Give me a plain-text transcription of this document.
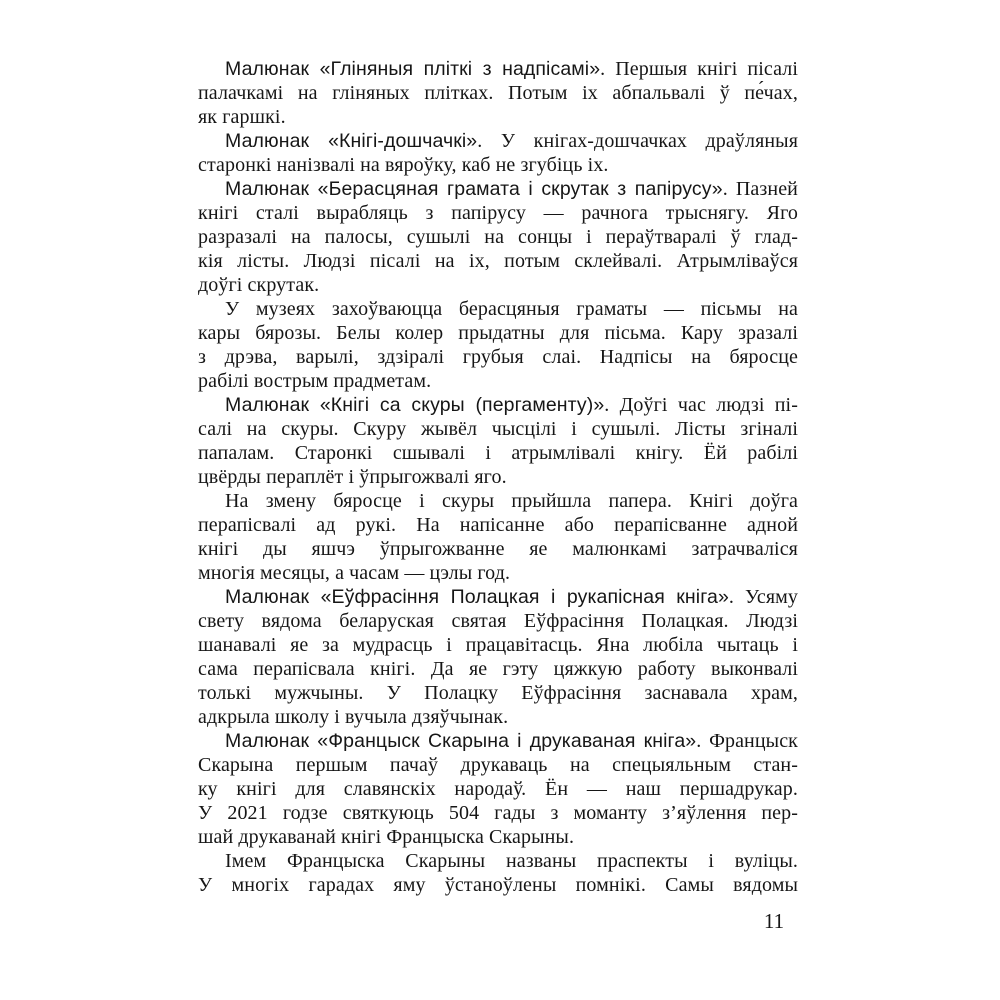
Малюнак «Гліняныя пліткі з надпісамі». Першыя кнігі пісалі
палачкамі на гліняных плітках. Потым іх абпальвалі ў пе́чах,
як гаршкі.
Малюнак «Кнігі-дошчачкі». У кнігах-дошчачках драўляныя
старонкі нанізвалі на вяроўку, каб не згубіць іх.
Малюнак «Берасцяная грамата і скрутак з папірусу». Пазней
кнігі сталі вырабляць з папірусу — рачнога трыснягу. Яго
разразалі на палосы, сушылі на сонцы і пераўтваралі ў глад-
кія лісты. Людзі пісалі на іх, потым склейвалі. Атрымліваўся
доўгі скрутак.
У музеях захоўваюцца берасцяныя граматы — пісьмы на
кары бярозы. Белы колер прыдатны для пісьма. Кару зразалі
з дрэва, варылі, здзіралі грубыя слаі. Надпісы на бяросце
рабілі вострым прадметам.
Малюнак «Кнігі са скуры (пергаменту)». Доўгі час людзі пі-
салі на скуры. Скуру жывёл чысцілі і сушылі. Лісты згіналі
папалам. Старонкі сшывалі і атрымлівалі кнігу. Ёй рабілі
цвёрды пераплёт і ўпрыгожвалі яго.
На змену бяросце і скуры прыйшла папера. Кнігі доўга
перапісвалі ад рукі. На напісанне або перапісванне адной
кнігі ды яшчэ ўпрыгожванне яе малюнкамі затрачваліся
многія месяцы, а часам — цэлы год.
Малюнак «Еўфрасіння Полацкая і рукапісная кніга». Усяму
свету вядома беларуская святая Еўфрасіння Полацкая. Людзі
шанавалі яе за мудрасць і працавітасць. Яна любіла чытаць і
сама перапісвала кнігі. Да яе гэту цяжкую работу выконвалі
толькі мужчыны. У Полацку Еўфрасіння заснавала храм,
адкрыла школу і вучыла дзяўчынак.
Малюнак «Францыск Скарына і друкаваная кніга». Францыск
Скарына першым пачаў друкаваць на спецыяльным стан-
ку кнігі для славянскіх народаў. Ён — наш першадрукар.
У 2021 годзе святкуюць 504 гады з моманту з’яўлення пер-
шай друкаванай кнігі Францыска Скарыны.
Імем Францыска Скарыны названы праспекты і вуліцы.
У многіх гарадах яму ўстаноўлены помнікі. Самы вядомы
11
